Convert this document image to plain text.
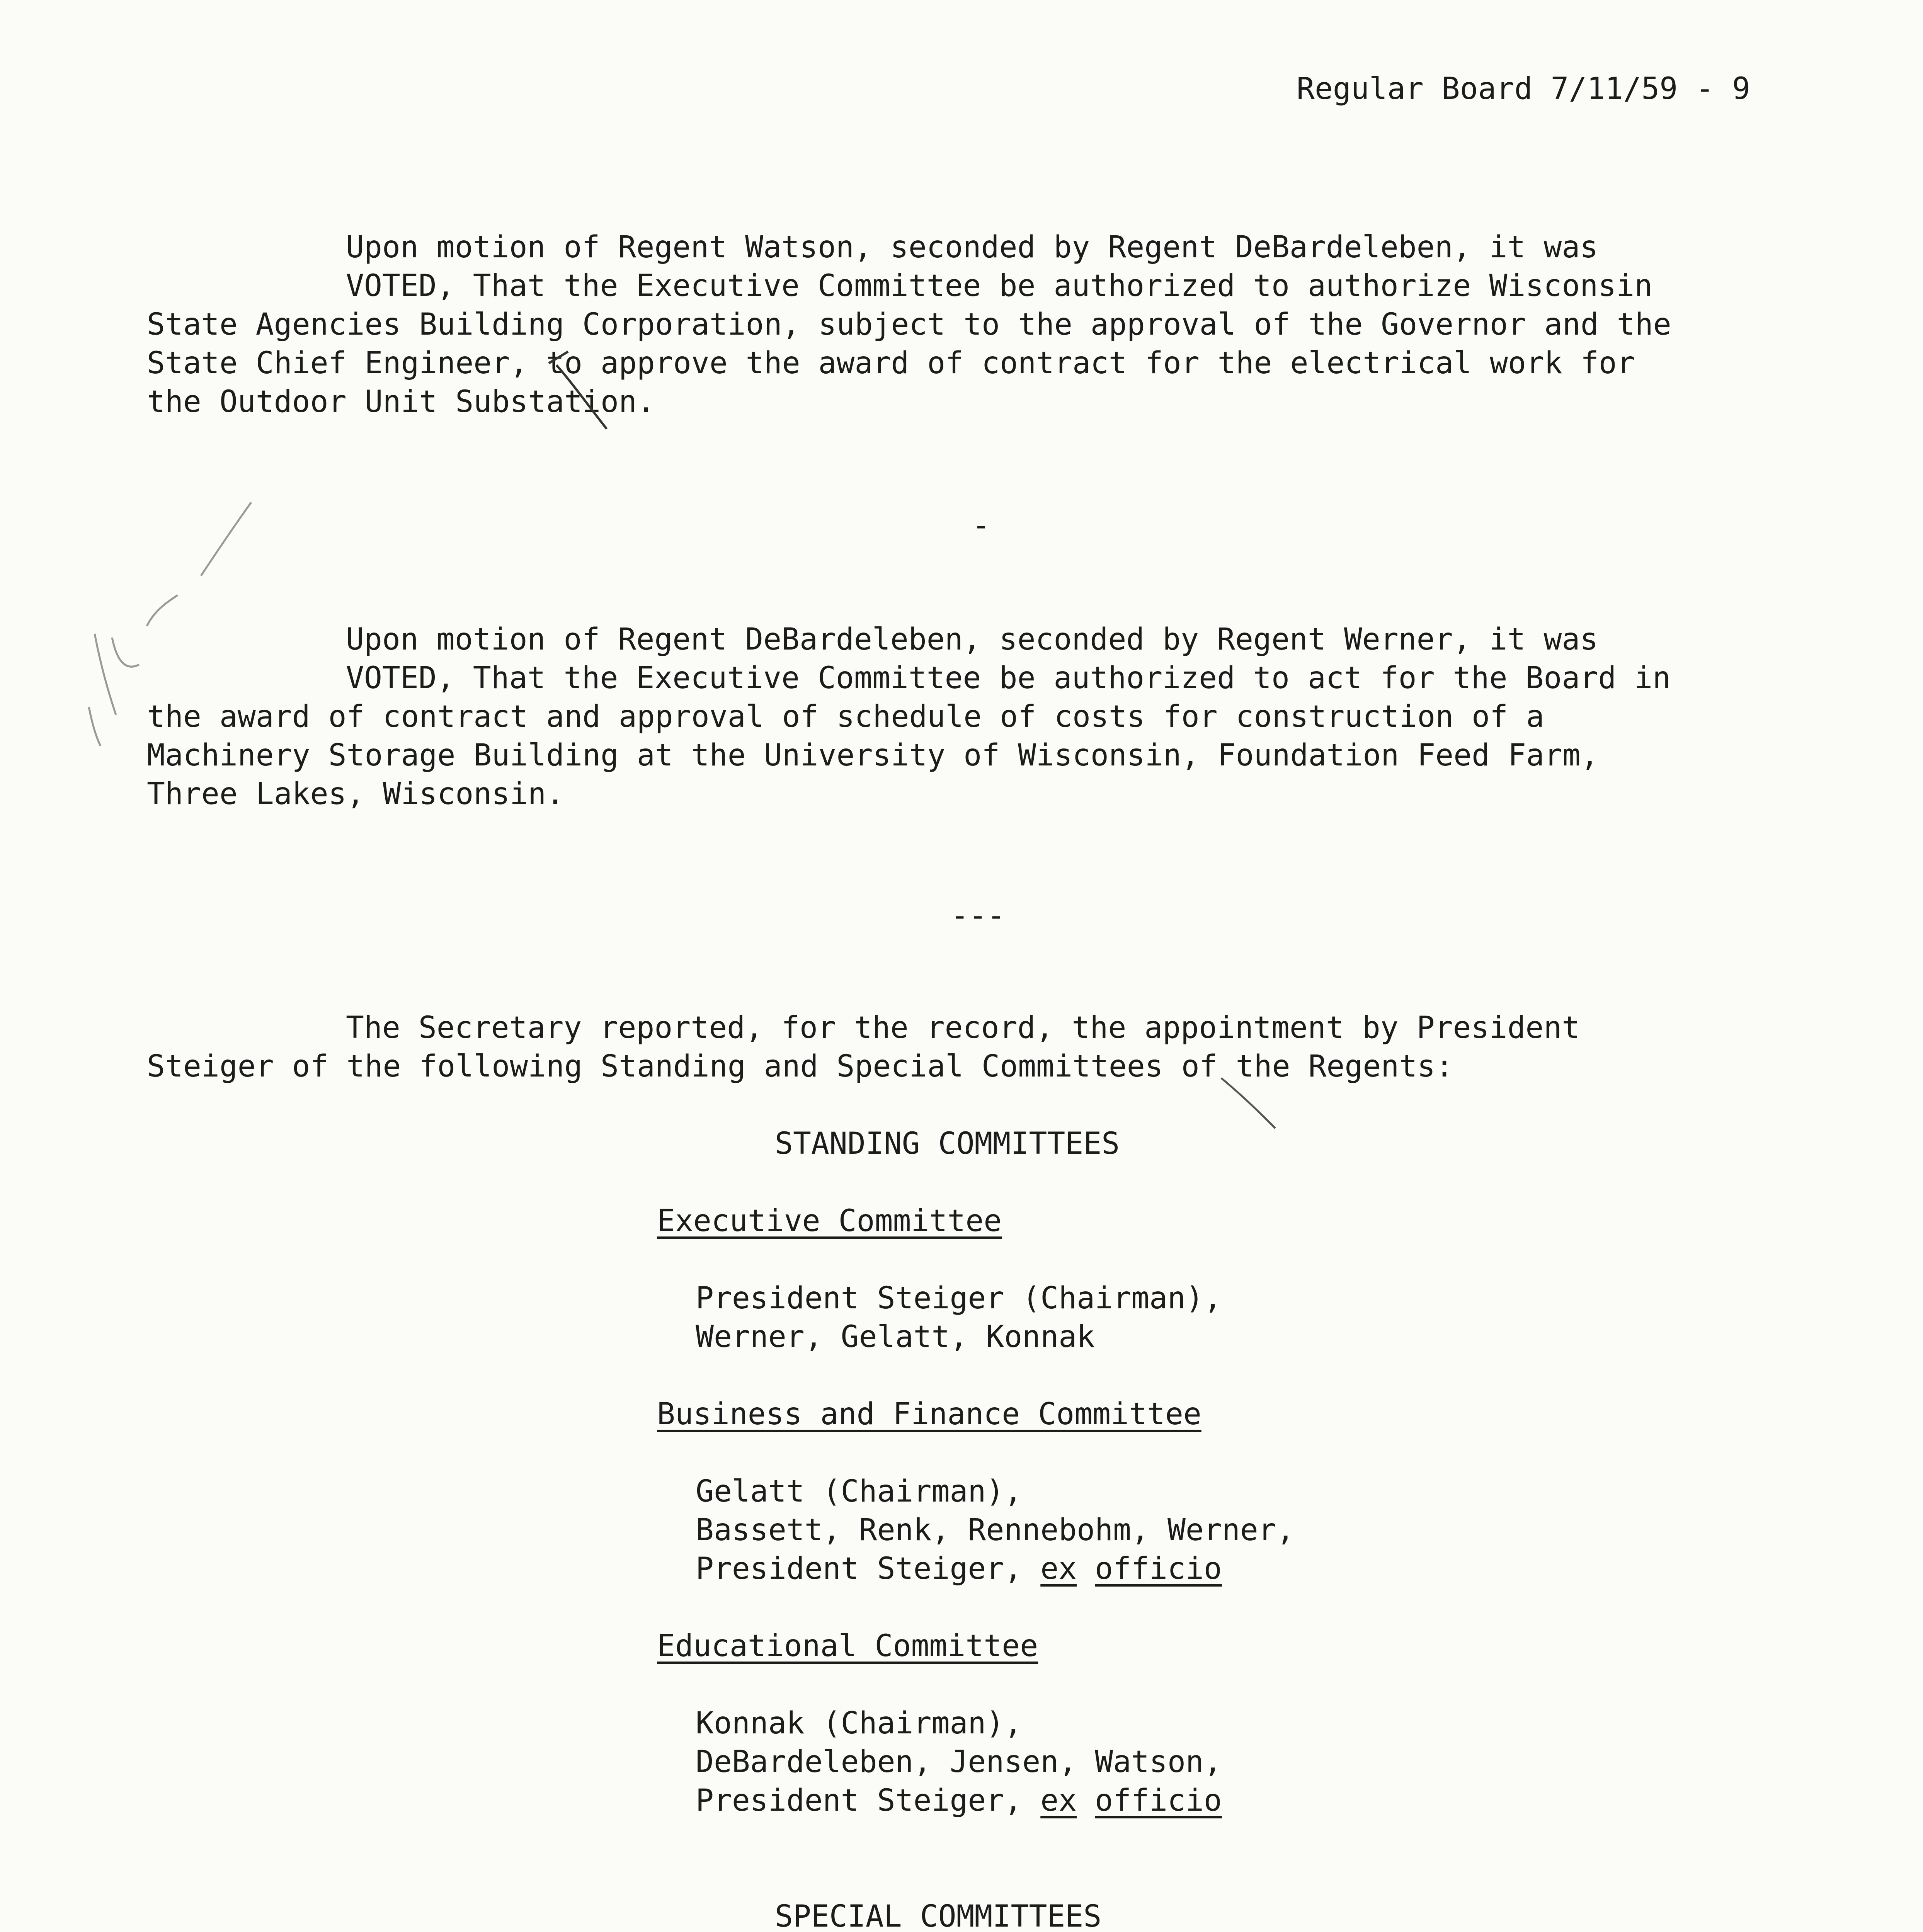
Regular Board 7/11/59 - 9
Upon motion of Regent Watson, seconded by Regent DeBardeleben, it was
VOTED, That the Executive Committee be authorized to authorize Wisconsin
State Agencies Building Corporation, subject to the approval of the Governor and the
State Chief Engineer, to approve the award of contract for the electrical work for
the Outdoor Unit Substation.
-
Upon motion of Regent DeBardeleben, seconded by Regent Werner, it was
VOTED, That the Executive Committee be authorized to act for the Board in
the award of contract and approval of schedule of costs for construction of a
Machinery Storage Building at the University of Wisconsin, Foundation Feed Farm,
Three Lakes, Wisconsin.
---
The Secretary reported, for the record, the appointment by President
Steiger of the following Standing and Special Committees of the Regents:
STANDING COMMITTEES
Executive Committee
President Steiger (Chairman),
Werner, Gelatt, Konnak
Business and Finance Committee
Gelatt (Chairman),
Bassett, Renk, Rennebohm, Werner,
President Steiger, ex officio
Educational Committee
Konnak (Chairman),
DeBardeleben, Jensen, Watson,
President Steiger, ex officio
SPECIAL COMMITTEES
